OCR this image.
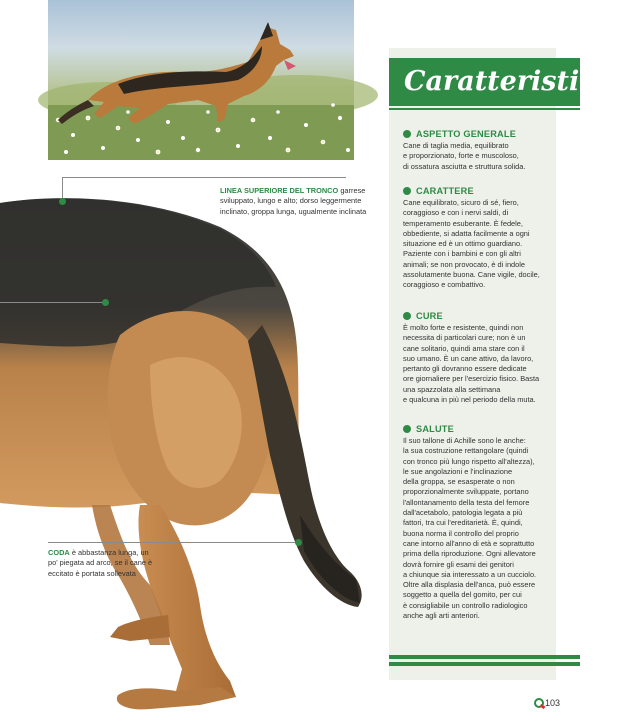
LINEA SUPERIORE DEL TRONCO garrese sviluppato, lungo e alto; dorso leggermente inclinato, groppa lunga, ugualmente inclinata
CODA è abbastanza lunga, un po' piegata ad arco, se il cane è eccitato è portata sollevata
Caratteristiche
ASPETTO GENERALE
Cane di taglia media, equilibrato
e proporzionato, forte e muscoloso,
di ossatura asciutta e struttura solida.
CARATTERE
Cane equilibrato, sicuro di sé, fiero,
coraggioso e con i nervi saldi, di
temperamento esuberante. È fedele,
obbediente, si adatta facilmente a ogni
situazione ed è un ottimo guardiano.
Paziente con i bambini e con gli altri
animali; se non provocato, è di indole
assolutamente buona. Cane vigile, docile,
coraggioso e combattivo.
CURE
È molto forte e resistente, quindi non
necessita di particolari cure; non è un
cane solitario, quindi ama stare con il
suo umano. È un cane attivo, da lavoro,
pertanto gli dovranno essere dedicate
ore giornaliere per l'esercizio fisico. Basta
una spazzolata alla settimana
e qualcuna in più nel periodo della muta.
SALUTE
Il suo tallone di Achille sono le anche:
la sua costruzione rettangolare (quindi
con tronco più lungo rispetto all'altezza),
le sue angolazioni e l'inclinazione
della groppa, se esasperate o non
proporzionalmente sviluppate, portano
l'allontanamento della testa del femore
dall'acetabolo, patologia legata a più
fattori, tra cui l'ereditarietà. È, quindi,
buona norma il controllo del proprio
cane intorno all'anno di età e soprattutto
prima della riproduzione. Ogni allevatore
dovrà fornire gli esami dei genitori
a chiunque sia interessato a un cucciolo.
Oltre alla displasia dell'anca, può essere
soggetto a quella del gomito, per cui
è consigliabile un controllo radiologico
anche agli arti anteriori.
103
